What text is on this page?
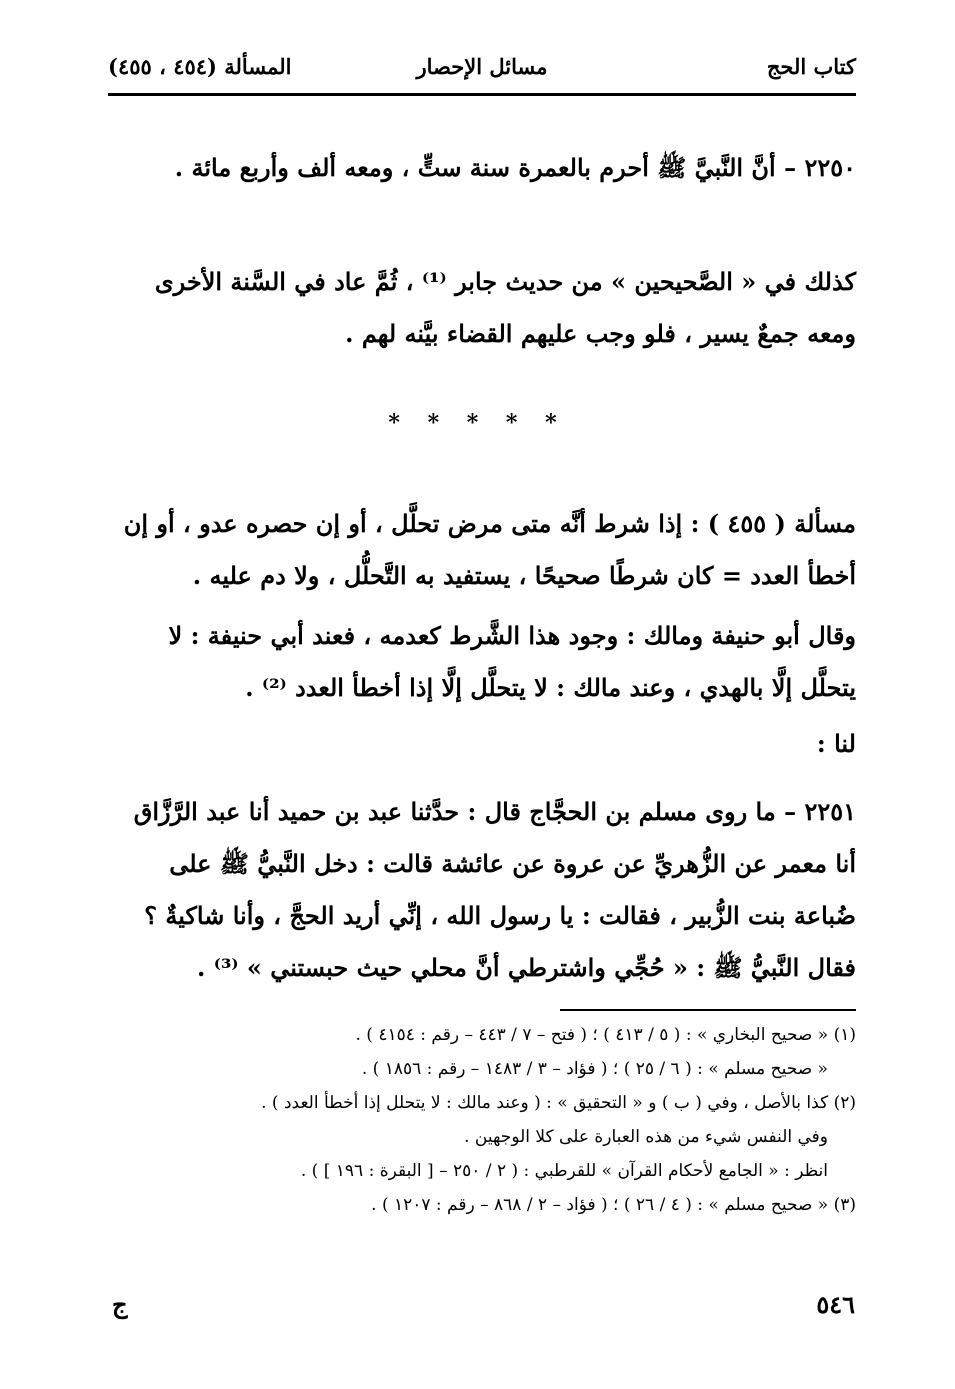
كتاب الحج
مسائل الإحصار
المسألة (٤٥٤ ، ٤٥٥)

٢٢٥٠ – أنَّ النَّبيَّ ﷺ أحرم بالعمرة سنة ستٍّ ، ومعه ألف وأربع مائة .

كذلك في « الصَّحيحين » من حديث جابر ⁽¹⁾ ، ثُمَّ عاد في السَّنة الأخرى ومعه جمعٌ يسير ، فلو وجب عليهم القضاء بيَّنه لهم .

* * * * *

مسألة ( ٤٥٥ ) : إذا شرط أنَّه متى مرض تحلَّل ، أو إن حصره عدو ، أو إن أخطأ العدد = كان شرطًا صحيحًا ، يستفيد به التَّحلُّل ، ولا دم عليه .

وقال أبو حنيفة ومالك : وجود هذا الشَّرط كعدمه ، فعند أبي حنيفة : لا يتحلَّل إلَّا بالهدي ، وعند مالك : لا يتحلَّل إلَّا إذا أخطأ العدد ⁽²⁾ .

لنا :

٢٢٥١ – ما روى مسلم بن الحجَّاج قال : حدَّثنا عبد بن حميد أنا عبد الرَّزَّاق أنا معمر عن الزُّهريِّ عن عروة عن عائشة قالت : دخل النَّبيُّ ﷺ على ضُباعة بنت الزُّبير ، فقالت : يا رسول الله ، إنِّي أريد الحجَّ ، وأنا شاكيةٌ ؟ فقال النَّبيُّ ﷺ : « حُجِّي واشترطي أنَّ محلي حيث حبستني » ⁽³⁾ .

(١) « صحيح البخاري » : ( ٥ / ٤١٣ ) ؛ ( فتح – ٧ / ٤٤٣ – رقم : ٤١٥٤ ) .

« صحيح مسلم » : ( ٦ / ٢٥ ) ؛ ( فؤاد – ٣ / ١٤٨٣ – رقم : ١٨٥٦ ) .

(٢) كذا بالأصل ، وفي ( ب ) و « التحقيق » : ( وعند مالك : لا يتحلل إذا أخطأ العدد ) .

وفي النفس شيء من هذه العبارة على كلا الوجهين .

انظر : « الجامع لأحكام القرآن » للقرطبي : ( ٢ / ٢٥٠ – [ البقرة : ١٩٦ ] ) .

(٣) « صحيح مسلم » : ( ٤ / ٢٦ ) ؛ ( فؤاد – ٢ / ٨٦٨ – رقم : ١٢٠٧ ) .

٥٤٦
ج
